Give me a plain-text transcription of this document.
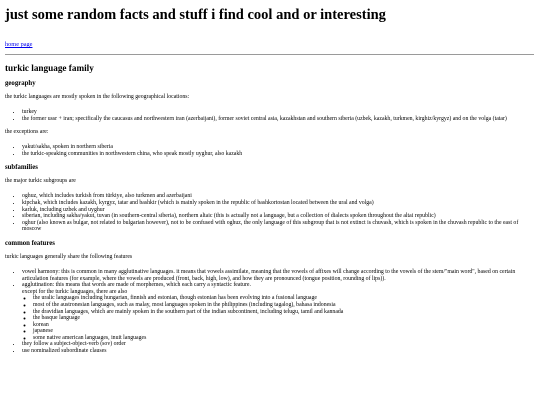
just some random facts and stuff i find cool and or interesting
home page
turkic language family
geography

the turkic languages are mostly spoken in the following geographical locations:

• turkey
• the former ussr + iran; specifically the caucasus and northwestern iran (azerbaijani), former soviet central asia, kazakhstan and southern siberia (uzbek, kazakh, turkmen, kirghiz/kyrgyz) and on the volga (tatar)

the exceptions are:

• yakut/sakha, spoken in northern siberia
• the turkic-speaking communities in northwestern china, who speak mostly uyghur, also kazakh
subfamilies

the major turkic subgroups are

• oghuz, which includes turkish from türkiye, also turkmen and azerbaijani
• kipchak, which includes kazakh, kyrgyz, tatar and bashkir (which is mainly spoken in the republic of bashkortostan located between the ural and volga)
• karluk, including uzbek and uyghur
• siberian, including sakha/yakut, tuvan (in southern-central siberia), northern altaic (this is actually not a language, but a collection of dialects spoken throughout the altai republic)
• oghur (also known as bulgar, not related to bulgarian however), not to be confused with oghuz, the only language of this subgroup that is not extinct is chuvash, which is spoken in the chuvash republic to the east of moscow
common features

turkic languages generally share the following features

• vowel harmony: this is common in many agglutinative languages. it means that vowels assimilate, meaning that the vowels of affixes will change according to the vowels of the stem/"main word", based on certain articulation features (for example, where the vowels are produced (front, back, high, low), and how they are pronounced (tongue position, rounding of lips)).
• agglutination: this means that words are made of morphemes, which each carry a syntactic feature.
except for the turkic languages, there are also
◦ the uralic languages including hungarian, finnish and estonian, though estonian has been evolving into a fusional language
◦ most of the austronesian languages, such as malay, most languages spoken in the philippines (including tagalog), bahasa indonesia
◦ the dravidian languages, which are mainly spoken in the southern part of the indian subcontinent, including telugu, tamil and kannada
◦ the basque language
◦ korean
◦ japanese
◦ some native american languages, inuit languages
• they follow a subject-object-verb (sov) order
• use nominalized subordinate clauses
